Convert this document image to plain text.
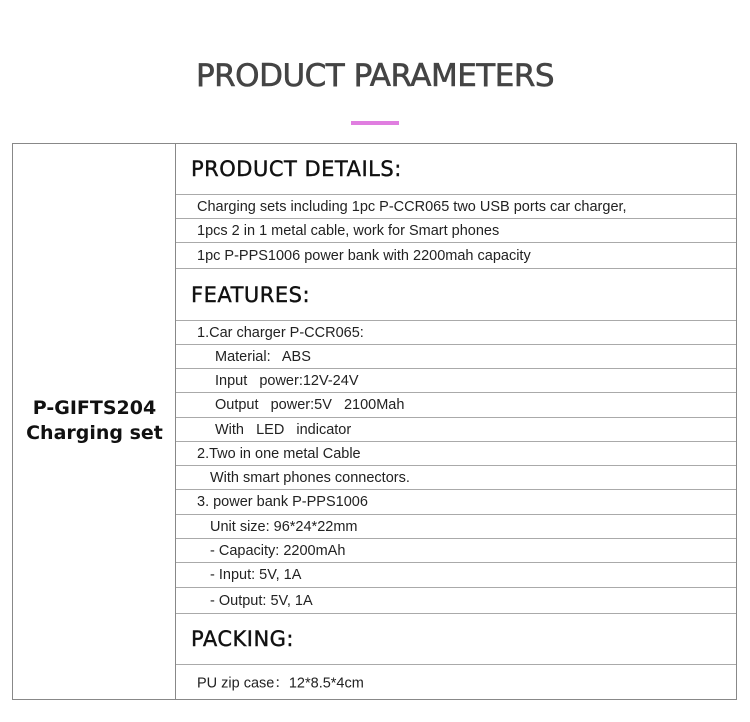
PRODUCT PARAMETERS
P-GIFTS204
Charging set
PRODUCT DETAILS:
Charging sets including 1pc P-CCR065 two USB ports car charger,
1pcs 2 in 1 metal cable, work for Smart phones
1pc P-PPS1006 power bank with 2200mah capacity
FEATURES:
1.Car charger P-CCR065:
Material:   ABS
Input   power:12V-24V
Output   power:5V   2100Mah
With   LED   indicator
2.Two in one metal Cable
With smart phones connectors.
3. power bank P-PPS1006
Unit size: 96*24*22mm
- Capacity: 2200mAh
- Input: 5V, 1A
- Output: 5V, 1A
PACKING:
PU zip case：12*8.5*4cm
